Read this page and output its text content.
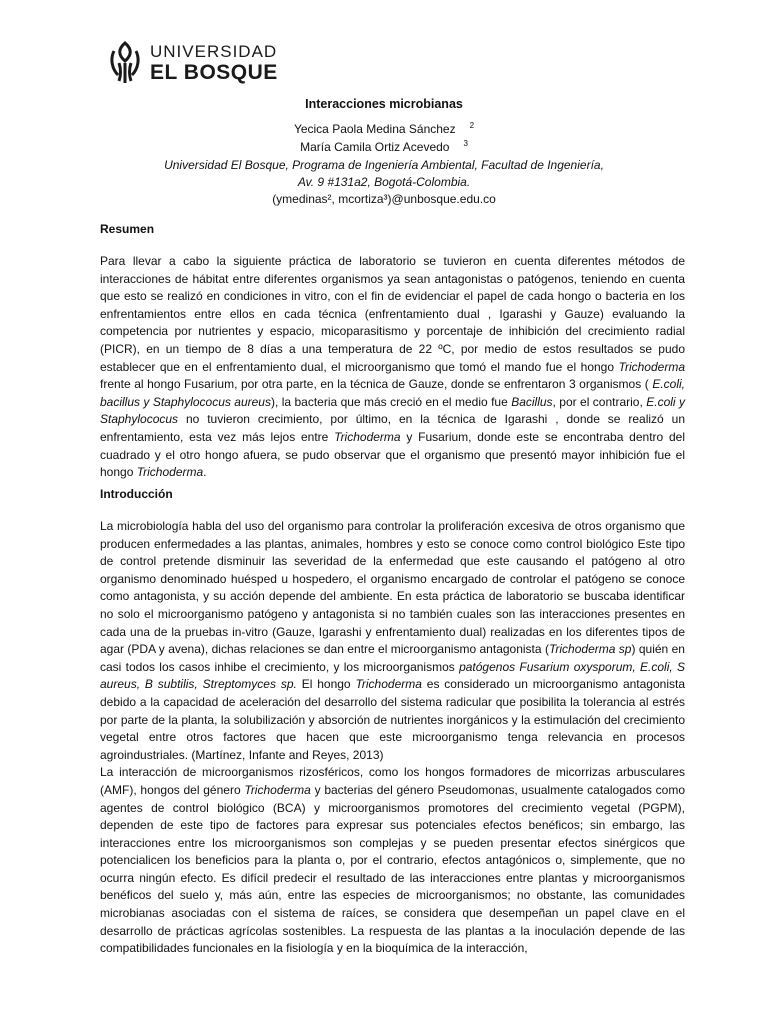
UNIVERSIDAD
EL BOSQUE
Interacciones microbianas
Yecica Paola Medina Sánchez $^2$
María Camila Ortiz Acevedo $^3$
Universidad El Bosque, Programa de Ingeniería Ambiental, Facultad de Ingeniería,
Av. 9 #131a2, Bogotá-Colombia.
(ymedinas², mcortiza³)@unbosque.edu.co
Resumen

Para llevar a cabo la siguiente práctica de laboratorio se tuvieron en cuenta diferentes métodos de interacciones de hábitat entre diferentes organismos ya sean antagonistas o patógenos, teniendo en cuenta que esto se realizó en condiciones in vitro, con el fin de evidenciar el papel de cada hongo o bacteria en los enfrentamientos entre ellos en cada técnica (enfrentamiento dual , Igarashi y Gauze) evaluando la competencia por nutrientes y espacio, micoparasitismo y porcentaje de inhibición del crecimiento radial (PICR), en un tiempo de 8 días a una temperatura de 22 ºC, por medio de estos resultados se pudo establecer que en el enfrentamiento dual, el microorganismo que tomó el mando fue el hongo Trichoderma frente al hongo Fusarium, por otra parte, en la técnica de Gauze, donde se enfrentaron 3 organismos ( E.coli, bacillus y Staphylococus aureus), la bacteria que más creció en el medio fue Bacillus, por el contrario, E.coli y Staphylococus no tuvieron crecimiento, por último, en la técnica de Igarashi , donde se realizó un enfrentamiento, esta vez más lejos entre Trichoderma y Fusarium, donde este se encontraba dentro del cuadrado y el otro hongo afuera, se pudo observar que el organismo que presentó mayor inhibición fue el hongo Trichoderma.

Introducción

La microbiología habla del uso del organismo para controlar la proliferación excesiva de otros organismo que producen enfermedades a las plantas, animales, hombres y esto se conoce como control biológico Este tipo de control pretende disminuir las severidad de la enfermedad que este causando el patógeno al otro organismo denominado huésped u hospedero, el organismo encargado de controlar el patógeno se conoce como antagonista, y su acción depende del ambiente. En esta práctica de laboratorio se buscaba identificar no solo el microorganismo patógeno y antagonista si no también cuales son las interacciones presentes en cada una de la pruebas in-vitro (Gauze, Igarashi y enfrentamiento dual) realizadas en los diferentes tipos de agar (PDA y avena), dichas relaciones se dan entre el microorganismo antagonista (Trichoderma sp) quién en casi todos los casos inhibe el crecimiento, y los microorganismos patógenos Fusarium oxysporum, E.coli, S aureus, B subtilis, Streptomyces sp. El hongo Trichoderma es considerado un microorganismo antagonista debido a la capacidad de aceleración del desarrollo del sistema radicular que posibilita la tolerancia al estrés por parte de la planta, la solubilización y absorción de nutrientes inorgánicos y la estimulación del crecimiento vegetal entre otros factores que hacen que este microorganismo tenga relevancia en procesos agroindustriales. (Martínez, Infante and Reyes, 2013)

La interacción de microorganismos rizosféricos, como los hongos formadores de micorrizas arbusculares (AMF), hongos del género Trichoderma y bacterias del género Pseudomonas, usualmente catalogados como agentes de control biológico (BCA) y microorganismos promotores del crecimiento vegetal (PGPM), dependen de este tipo de factores para expresar sus potenciales efectos benéficos; sin embargo, las interacciones entre los microorganismos son complejas y se pueden presentar efectos sinérgicos que potencialicen los beneficios para la planta o, por el contrario, efectos antagónicos o, simplemente, que no ocurra ningún efecto. Es difícil predecir el resultado de las interacciones entre plantas y microorganismos benéficos del suelo y, más aún, entre las especies de microorganismos; no obstante, las comunidades microbianas asociadas con el sistema de raíces, se considera que desempeñan un papel clave en el desarrollo de prácticas agrícolas sostenibles. La respuesta de las plantas a la inoculación depende de las compatibilidades funcionales en la fisiología y en la bioquímica de la interacción,
